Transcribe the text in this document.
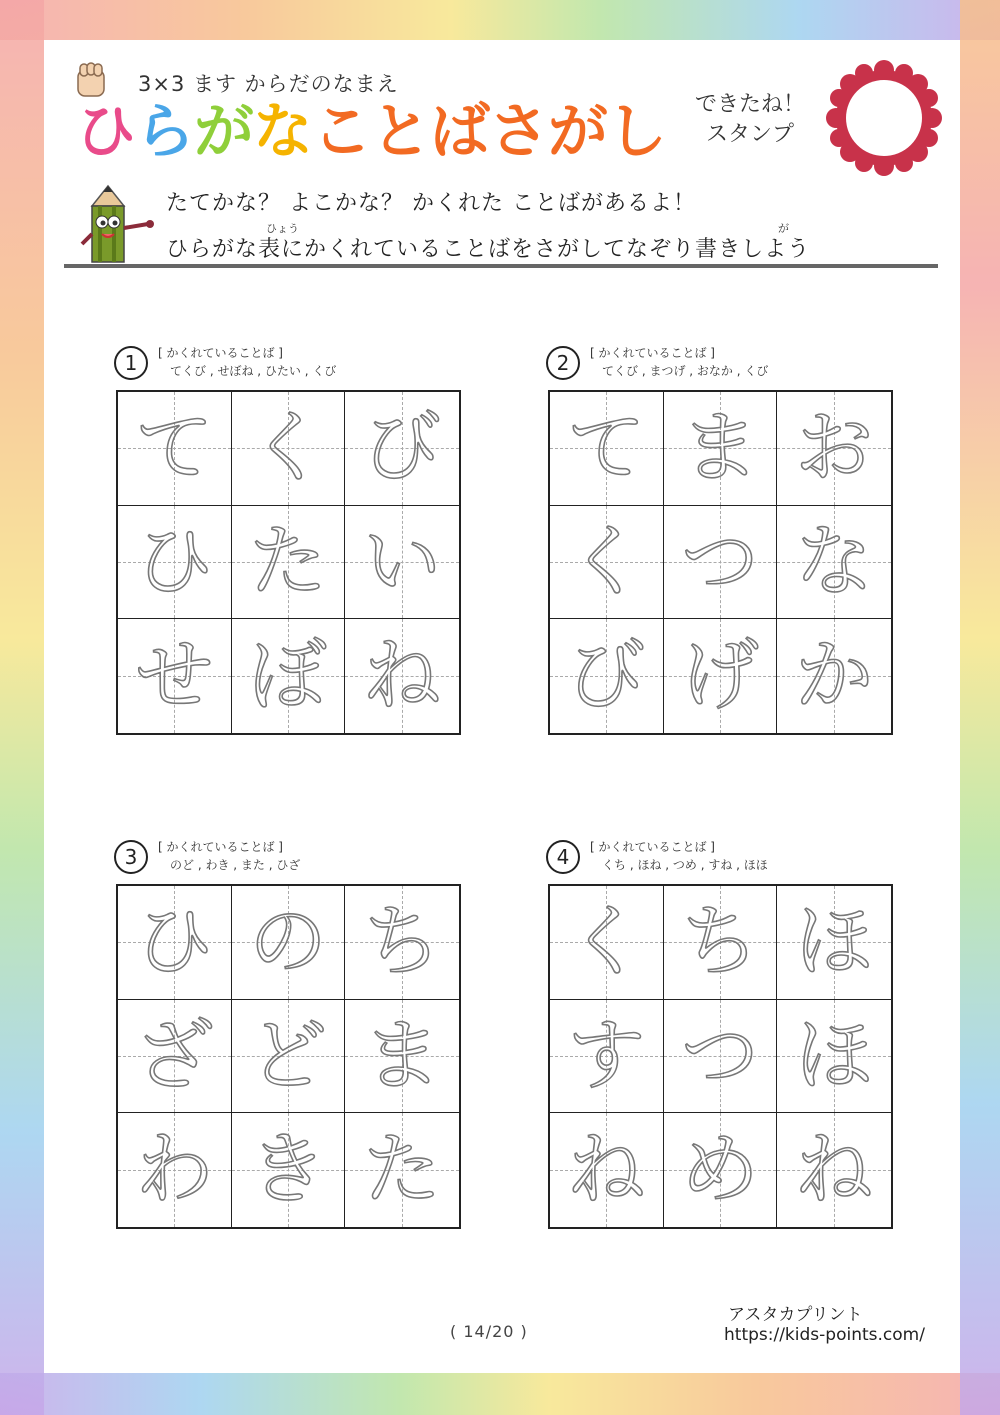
3×3 ます からだのなまえ
ひらがなことばさがし できたね！
スタンプ
たてかな？ よこかな？ かくれた ことばがあるよ！
ひょう	が
ひらがな表にかくれていることばをさがしてなぞり書きしよう
1	[ かくれていることば ]
てくび , せぼね , ひたい , くび
て く び
ひ た い
せ ぼ ね
2	[ かくれていることば ]
てくび , まつげ , おなか , くび
て ま お
く つ な
び げ か
3	[ かくれていることば ]
のど , わき , また , ひざ
ひ の ち
ざ ど ま
わ き た
4	[ かくれていることば ]
くち , ほね , つめ , すね , ほほ
く ち ほ
す つ ほ
ね め ね
( 14/20 )
アスタカプリント
https://kids-points.com/
